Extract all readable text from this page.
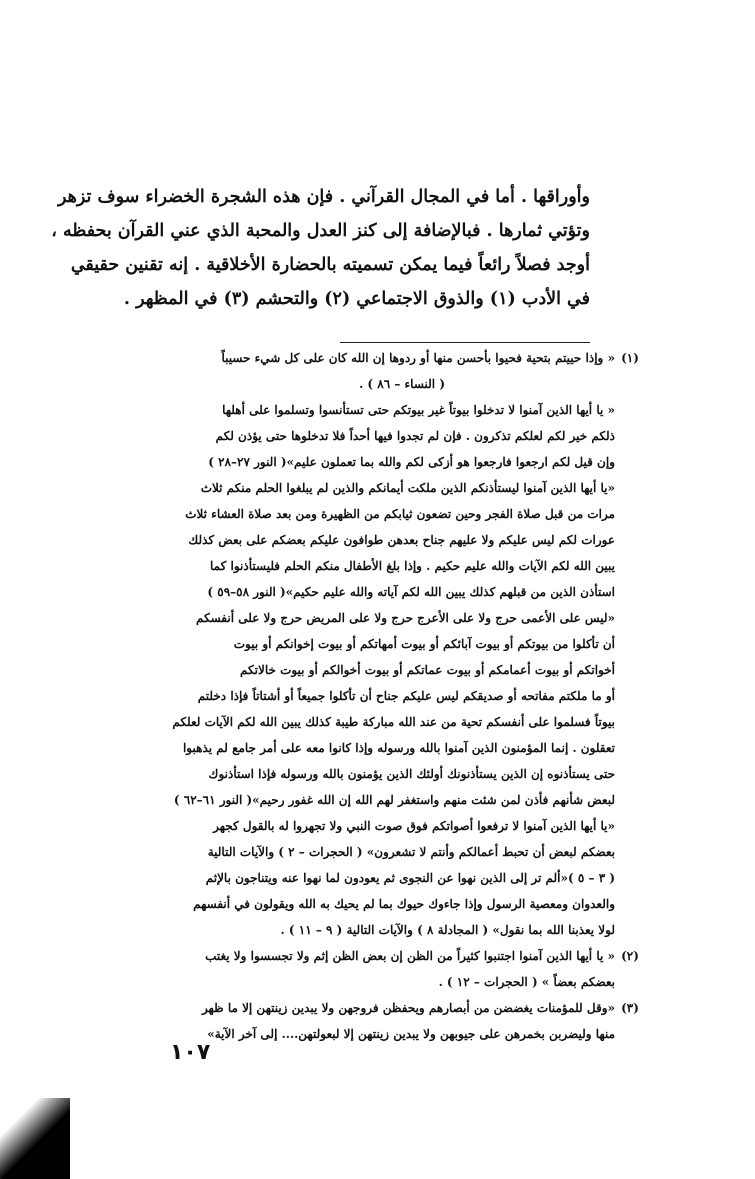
وأوراقها . أما في المجال القرآني . فإن هذه الشجرة الخضراء سوف تزهر
وتؤتي ثمارها . فبالإضافة إلى كنز العدل والمحبة الذي عني القرآن بحفظه ،
أوجد فصلاً رائعاً فيما يمكن تسميته بالحضارة الأخلاقية . إنه تقنين حقيقي
في الأدب (١) والذوق الاجتماعي (٢) والتحشم (٣) في المظهر .
(١)
« وإذا حييتم بتحية فحيوا بأحسن منها أو ردوها إن الله كان على كل شيء حسيباً
( النساء – ٨٦ ) .
« يا أيها الذين آمنوا لا تدخلوا بيوتاً غير بيوتكم حتى تستأنسوا وتسلموا على أهلها
ذلكم خير لكم لعلكم تذكرون . فإن لم تجدوا فيها أحداً فلا تدخلوها حتى يؤذن لكم
وإن قيل لكم ارجعوا فارجعوا هو أزكى لكم والله بما تعملون عليم»( النور ٢٧–٢٨ )
«يا أيها الذين آمنوا ليستأذنكم الذين ملكت أيمانكم والذين لم يبلغوا الحلم منكم ثلاث
مرات من قبل صلاة الفجر وحين تضعون ثيابكم من الظهيرة ومن بعد صلاة العشاء ثلاث
عورات لكم ليس عليكم ولا عليهم جناح بعدهن طوافون عليكم بعضكم على بعض كذلك
يبين الله لكم الآيات والله عليم حكيم . وإذا بلغ الأطفال منكم الحلم فليستأذنوا كما
استأذن الذين من قبلهم كذلك يبين الله لكم آياته والله عليم حكيم»( النور ٥٨–٥٩ )
«ليس على الأعمى حرج ولا على الأعرج حرج ولا على المريض حرج ولا على أنفسكم
أن تأكلوا من بيوتكم أو بيوت آبائكم أو بيوت أمهاتكم أو بيوت إخوانكم أو بيوت
أخواتكم أو بيوت أعمامكم أو بيوت عماتكم أو بيوت أخوالكم أو بيوت خالاتكم
أو ما ملكتم مفاتحه أو صديقكم ليس عليكم جناح أن تأكلوا جميعاً أو أشتاتاً فإذا دخلتم
بيوتاً فسلموا على أنفسكم تحية من عند الله مباركة طيبة كذلك يبين الله لكم الآيات لعلكم
تعقلون . إنما المؤمنون الذين آمنوا بالله ورسوله وإذا كانوا معه على أمر جامع لم يذهبوا
حتى يستأذنوه إن الذين يستأذنونك أولئك الذين يؤمنون بالله ورسوله فإذا استأذنوك
لبعض شأنهم فأذن لمن شئت منهم واستغفر لهم الله إن الله غفور رحيم»( النور ٦١–٦٢ )
«يا أيها الذين آمنوا لا ترفعوا أصواتكم فوق صوت النبي ولا تجهروا له بالقول كجهر
بعضكم لبعض أن تحبط أعمالكم وأنتم لا تشعرون» ( الحجرات – ٢ ) والآيات التالية
( ٣ – ٥ )«ألم تر إلى الذين نهوا عن النجوى ثم يعودون لما نهوا عنه ويتناجون بالإثم
والعدوان ومعصية الرسول وإذا جاءوك حيوك بما لم يحيك به الله ويقولون في أنفسهم
لولا يعذبنا الله بما نقول» ( المجادلة ٨ ) والآيات التالية ( ٩ – ١١ ) .
(٢)
« يا أيها الذين آمنوا اجتنبوا كثيراً من الظن إن بعض الظن إثم ولا تجسسوا ولا يغتب
بعضكم بعضاً » ( الحجرات – ١٢ ) .
(٣)
«وقل للمؤمنات يغضضن من أبصارهم ويحفظن فروجهن ولا يبدين زينتهن إلا ما ظهر
منها وليضربن بخمرهن على جيوبهن ولا يبدين زينتهن إلا لبعولتهن.... إلى آخر الآية»
١٠٧
